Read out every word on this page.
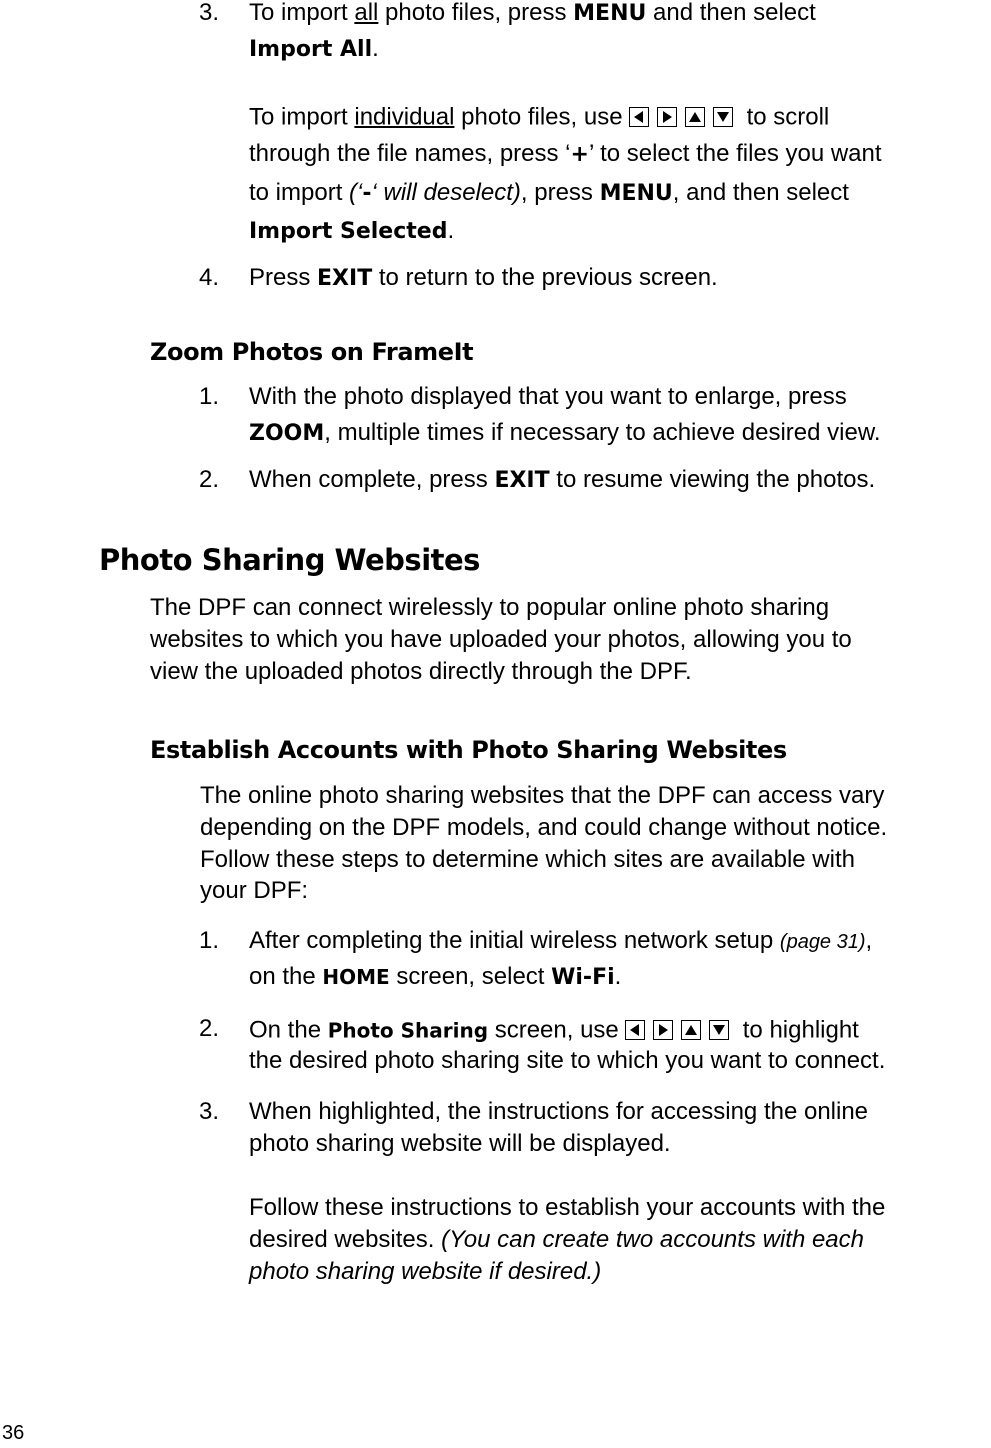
3. To import all photo files, press MENU and then select
Import All.
To import individual photo files, use	to scroll
through the file names, press ‘+’ to select the files you want
to import (‘-‘ will deselect), press MENU, and then select
Import Selected.
4. Press EXIT to return to the previous screen.
Zoom Photos on FrameIt
1. With the photo displayed that you want to enlarge, press
ZOOM, multiple times if necessary to achieve desired view.
2. When complete, press EXIT to resume viewing the photos.
Photo Sharing Websites
The DPF can connect wirelessly to popular online photo sharing
websites to which you have uploaded your photos, allowing you to
view the uploaded photos directly through the DPF.
Establish Accounts with Photo Sharing Websites
The online photo sharing websites that the DPF can access vary
depending on the DPF models, and could change without notice.
Follow these steps to determine which sites are available with
your DPF:
1. After completing the initial wireless network setup (page 31),
on the HOME screen, select Wi-Fi.
2. On the Photo Sharing screen, use	to highlight
the desired photo sharing site to which you want to connect.
3. When highlighted, the instructions for accessing the online
photo sharing website will be displayed.
Follow these instructions to establish your accounts with the
desired websites. (You can create two accounts with each
photo sharing website if desired.)
36
